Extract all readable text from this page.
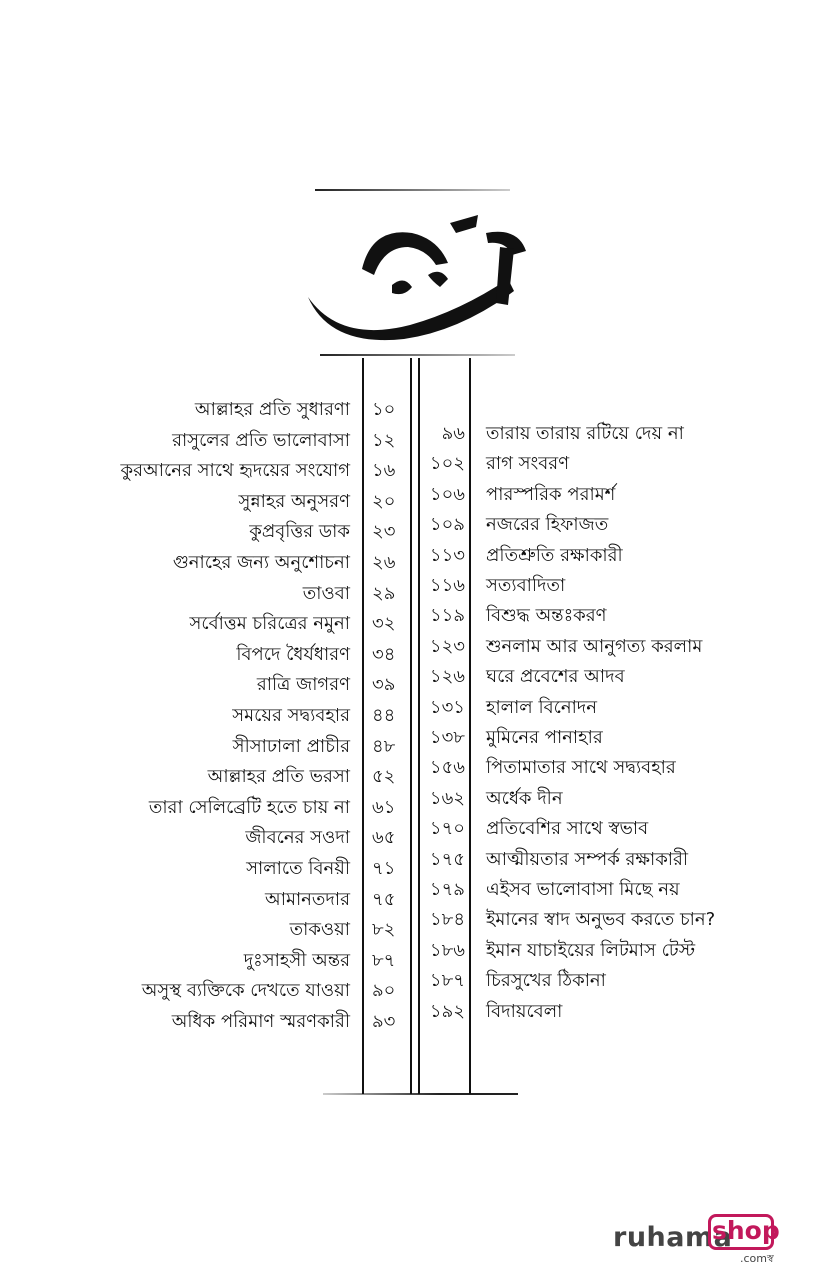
আল্লাহর প্রতি সুধারণা ১০
রাসুলের প্রতি ভালোবাসা ১২
কুরআনের সাথে হৃদয়ের সংযোগ ১৬
সুন্নাহর অনুসরণ ২০
কুপ্রবৃত্তির ডাক ২৩
গুনাহের জন্য অনুশোচনা ২৬
তাওবা ২৯
সর্বোত্তম চরিত্রের নমুনা ৩২
বিপদে ধৈর্যধারণ ৩৪
রাত্রি জাগরণ ৩৯
সময়ের সদ্ব্যবহার ৪৪
সীসাঢালা প্রাচীর ৪৮
আল্লাহর প্রতি ভরসা ৫২
তারা সেলিব্রেটি হতে চায় না ৬১
জীবনের সওদা ৬৫
সালাতে বিনয়ী ৭১
আমানতদার ৭৫
তাকওয়া ৮২
দুঃসাহসী অন্তর ৮৭
অসুস্থ ব্যক্তিকে দেখতে যাওয়া ৯০
অধিক পরিমাণ স্মরণকারী ৯৩
তারায় তারায় রটিয়ে দেয় না
৯৬
রাগ সংবরণ
১০২
পারস্পরিক পরামর্শ
১০৬
নজরের হিফাজত
১০৯
প্রতিশ্রুতি রক্ষাকারী
১১৩
সত্যবাদিতা
১১৬
বিশুদ্ধ অন্তঃকরণ
১১৯
শুনলাম আর আনুগত্য করলাম
১২৩
ঘরে প্রবেশের আদব
১২৬
হালাল বিনোদন
১৩১
মুমিনের পানাহার
১৩৮
পিতামাতার সাথে সদ্ব্যবহার
১৫৬
অর্ধেক দীন
১৬২
প্রতিবেশির সাথে স্বভাব
১৭০
আত্মীয়তার সম্পর্ক রক্ষাকারী
১৭৫
এইসব ভালোবাসা মিছে নয়
১৭৯
ইমানের স্বাদ অনুভব করতে চান?
১৮৪
ইমান যাচাইয়ের লিটমাস টেস্ট
১৮৬
চিরসুখের ঠিকানা
১৮৭
বিদায়বেলা
১৯২
ruhama
shop
.comস্ব
